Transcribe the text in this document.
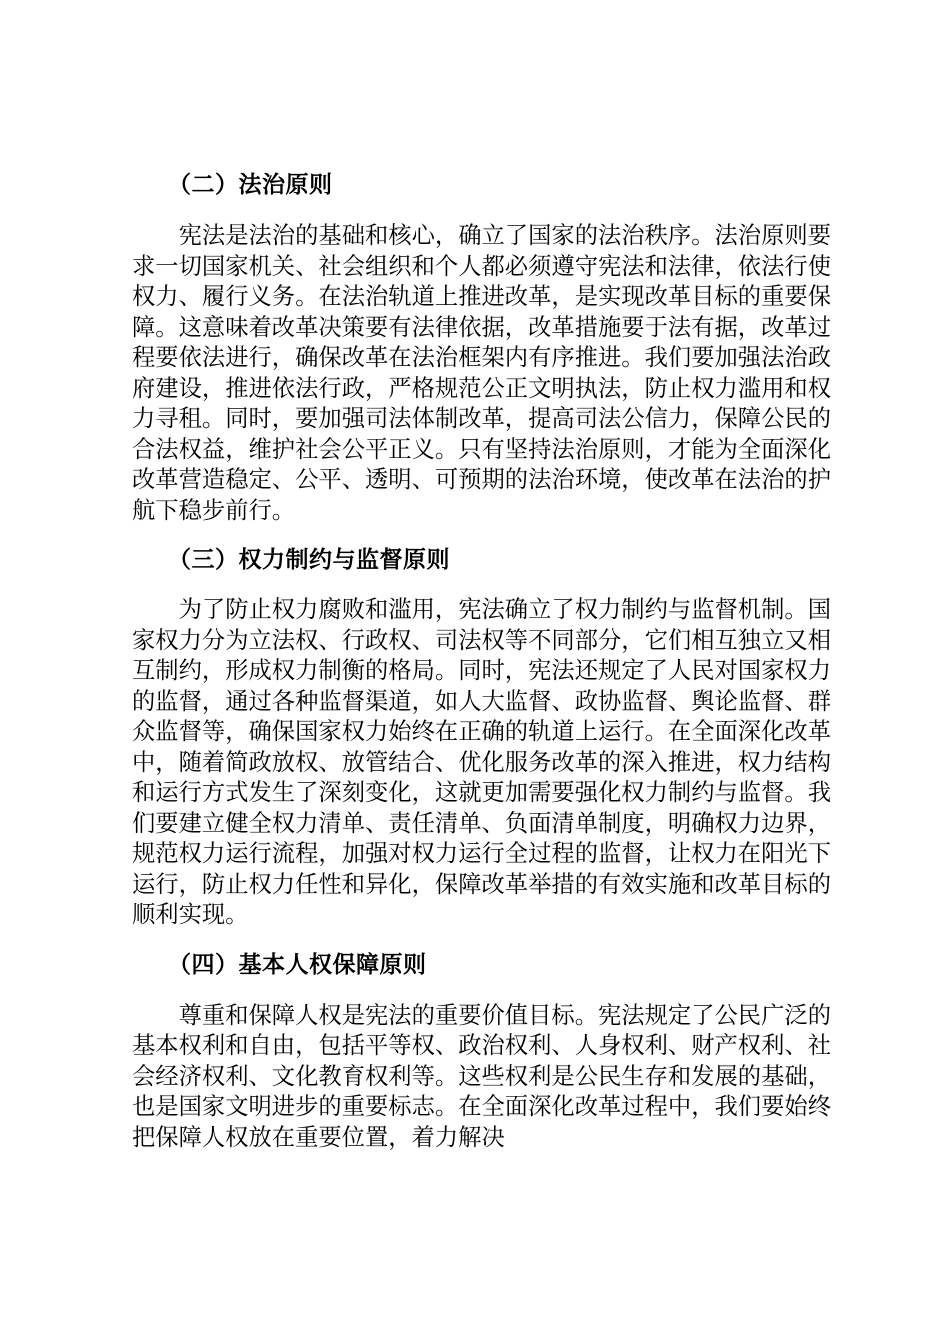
（二）法治原则

宪法是法治的基础和核心，确立了国家的法治秩序。法治原则要求一切国家机关、社会组织和个人都必须遵守宪法和法律，依法行使权力、履行义务。在法治轨道上推进改革，是实现改革目标的重要保障。这意味着改革决策要有法律依据，改革措施要于法有据，改革过程要依法进行，确保改革在法治框架内有序推进。我们要加强法治政府建设，推进依法行政，严格规范公正文明执法，防止权力滥用和权力寻租。同时，要加强司法体制改革，提高司法公信力，保障公民的合法权益，维护社会公平正义。只有坚持法治原则，才能为全面深化改革营造稳定、公平、透明、可预期的法治环境，使改革在法治的护航下稳步前行。

（三）权力制约与监督原则

为了防止权力腐败和滥用，宪法确立了权力制约与监督机制。国家权力分为立法权、行政权、司法权等不同部分，它们相互独立又相互制约，形成权力制衡的格局。同时，宪法还规定了人民对国家权力的监督，通过各种监督渠道，如人大监督、政协监督、舆论监督、群众监督等，确保国家权力始终在正确的轨道上运行。在全面深化改革中，随着简政放权、放管结合、优化服务改革的深入推进，权力结构和运行方式发生了深刻变化，这就更加需要强化权力制约与监督。我们要建立健全权力清单、责任清单、负面清单制度，明确权力边界，规范权力运行流程，加强对权力运行全过程的监督，让权力在阳光下运行，防止权力任性和异化，保障改革举措的有效实施和改革目标的顺利实现。

（四）基本人权保障原则

尊重和保障人权是宪法的重要价值目标。宪法规定了公民广泛的基本权利和自由，包括平等权、政治权利、人身权利、财产权利、社会经济权利、文化教育权利等。这些权利是公民生存和发展的基础，也是国家文明进步的重要标志。在全面深化改革过程中，我们要始终把保障人权放在重要位置，着力解决
